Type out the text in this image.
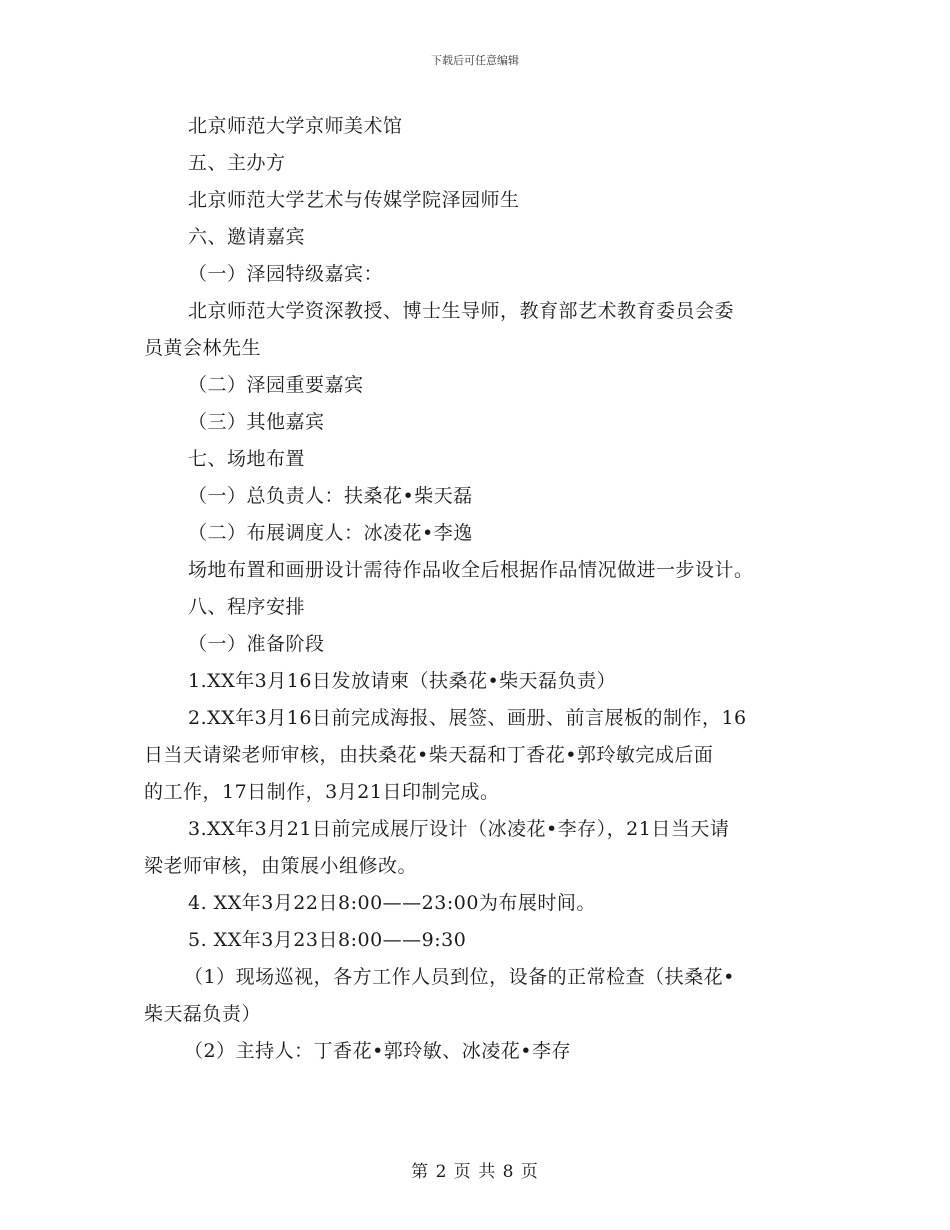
下载后可任意编辑
北京师范大学京师美术馆
五、主办方
北京师范大学艺术与传媒学院泽园师生
六、邀请嘉宾
（一）泽园特级嘉宾：
北京师范大学资深教授、博士生导师，教育部艺术教育委员会委
员黄会林先生
（二）泽园重要嘉宾
（三）其他嘉宾
七、场地布置
（一）总负责人：扶桑花•柴天磊
（二）布展调度人：冰凌花•李逸
场地布置和画册设计需待作品收全后根据作品情况做进一步设计。
八、程序安排
（一）准备阶段
1.XX年3月16日发放请柬（扶桑花•柴天磊负责）
2.XX年3月16日前完成海报、展签、画册、前言展板的制作，16
日当天请梁老师审核，由扶桑花•柴天磊和丁香花•郭玲敏完成后面
的工作，17日制作，3月21日印制完成。
3.XX年3月21日前完成展厅设计（冰凌花•李存），21日当天请
梁老师审核，由策展小组修改。
4. XX年3月22日8:00——23:00为布展时间。
5. XX年3月23日8:00——9:30
（1）现场巡视，各方工作人员到位，设备的正常检查（扶桑花•
柴天磊负责）
（2）主持人：丁香花•郭玲敏、冰凌花•李存
第 2 页 共 8 页
